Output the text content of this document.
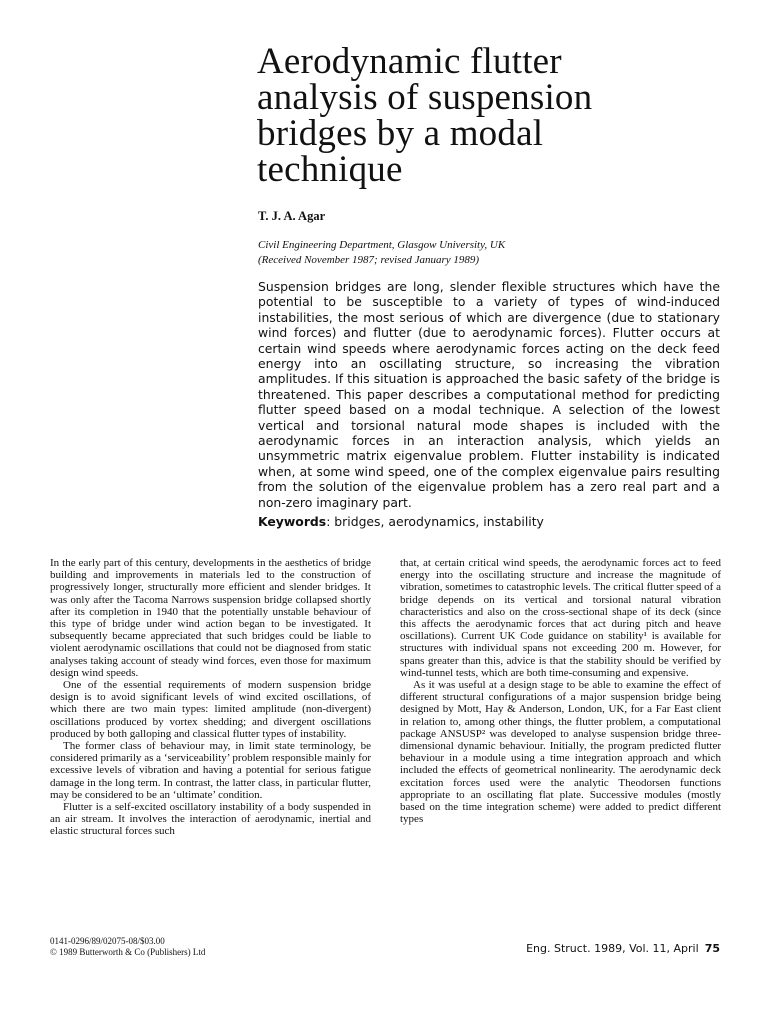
Aerodynamic flutter
analysis of suspension
bridges by a modal
technique
T. J. A. Agar
Civil Engineering Department, Glasgow University, UK
(Received November 1987; revised January 1989)

Suspension bridges are long, slender flexible structures which have the potential to be susceptible to a variety of types of wind-induced instabilities, the most serious of which are divergence (due to stationary wind forces) and flutter (due to aerodynamic forces). Flutter occurs at certain wind speeds where aerodynamic forces acting on the deck feed energy into an oscillating structure, so increasing the vibration amplitudes. If this situation is approached the basic safety of the bridge is threatened. This paper describes a computational method for predicting flutter speed based on a modal technique. A selection of the lowest vertical and torsional natural mode shapes is included with the aerodynamic forces in an interaction analysis, which yields an unsymmetric matrix eigenvalue problem. Flutter instability is indicated when, at some wind speed, one of the complex eigenvalue pairs resulting from the solution of the eigenvalue problem has a zero real part and a non-zero imaginary part.

Keywords: bridges, aerodynamics, instability

In the early part of this century, developments in the aesthetics of bridge building and improvements in materials led to the construction of progressively longer, structurally more efficient and slender bridges. It was only after the Tacoma Narrows suspension bridge collapsed shortly after its completion in 1940 that the potentially unstable behaviour of this type of bridge under wind action began to be investigated. It subsequently became appreciated that such bridges could be liable to violent aerodynamic oscillations that could not be diagnosed from static analyses taking account of steady wind forces, even those for maximum design wind speeds.

One of the essential requirements of modern suspension bridge design is to avoid significant levels of wind excited oscillations, of which there are two main types: limited amplitude (non-divergent) oscillations produced by vortex shedding; and divergent oscillations produced by both galloping and classical flutter types of instability.

The former class of behaviour may, in limit state terminology, be considered primarily as a ‘serviceability’ problem responsible mainly for excessive levels of vibration and having a potential for serious fatigue damage in the long term. In contrast, the latter class, in particular flutter, may be considered to be an ‘ultimate’ condition.

Flutter is a self-excited oscillatory instability of a body suspended in an air stream. It involves the interaction of aerodynamic, inertial and elastic structural forces such

that, at certain critical wind speeds, the aerodynamic forces act to feed energy into the oscillating structure and increase the magnitude of vibration, sometimes to catastrophic levels. The critical flutter speed of a bridge depends on its vertical and torsional natural vibration characteristics and also on the cross-sectional shape of its deck (since this affects the aerodynamic forces that act during pitch and heave oscillations). Current UK Code guidance on stability¹ is available for structures with individual spans not exceeding 200 m. However, for spans greater than this, advice is that the stability should be verified by wind-tunnel tests, which are both time-consuming and expensive.

As it was useful at a design stage to be able to examine the effect of different structural configurations of a major suspension bridge being designed by Mott, Hay & Anderson, London, UK, for a Far East client in relation to, among other things, the flutter problem, a computational package ANSUSP² was developed to analyse suspension bridge three-dimensional dynamic behaviour. Initially, the program predicted flutter behaviour in a module using a time integration approach and which included the effects of geometrical nonlinearity. The aerodynamic deck excitation forces used were the analytic Theodorsen functions appropriate to an oscillating flat plate. Successive modules (mostly based on the time integration scheme) were added to predict different types

0141-0296/89/02075-08/$03.00
© 1989 Butterworth & Co (Publishers) Ltd	Eng. Struct. 1989, Vol. 11, April 75
